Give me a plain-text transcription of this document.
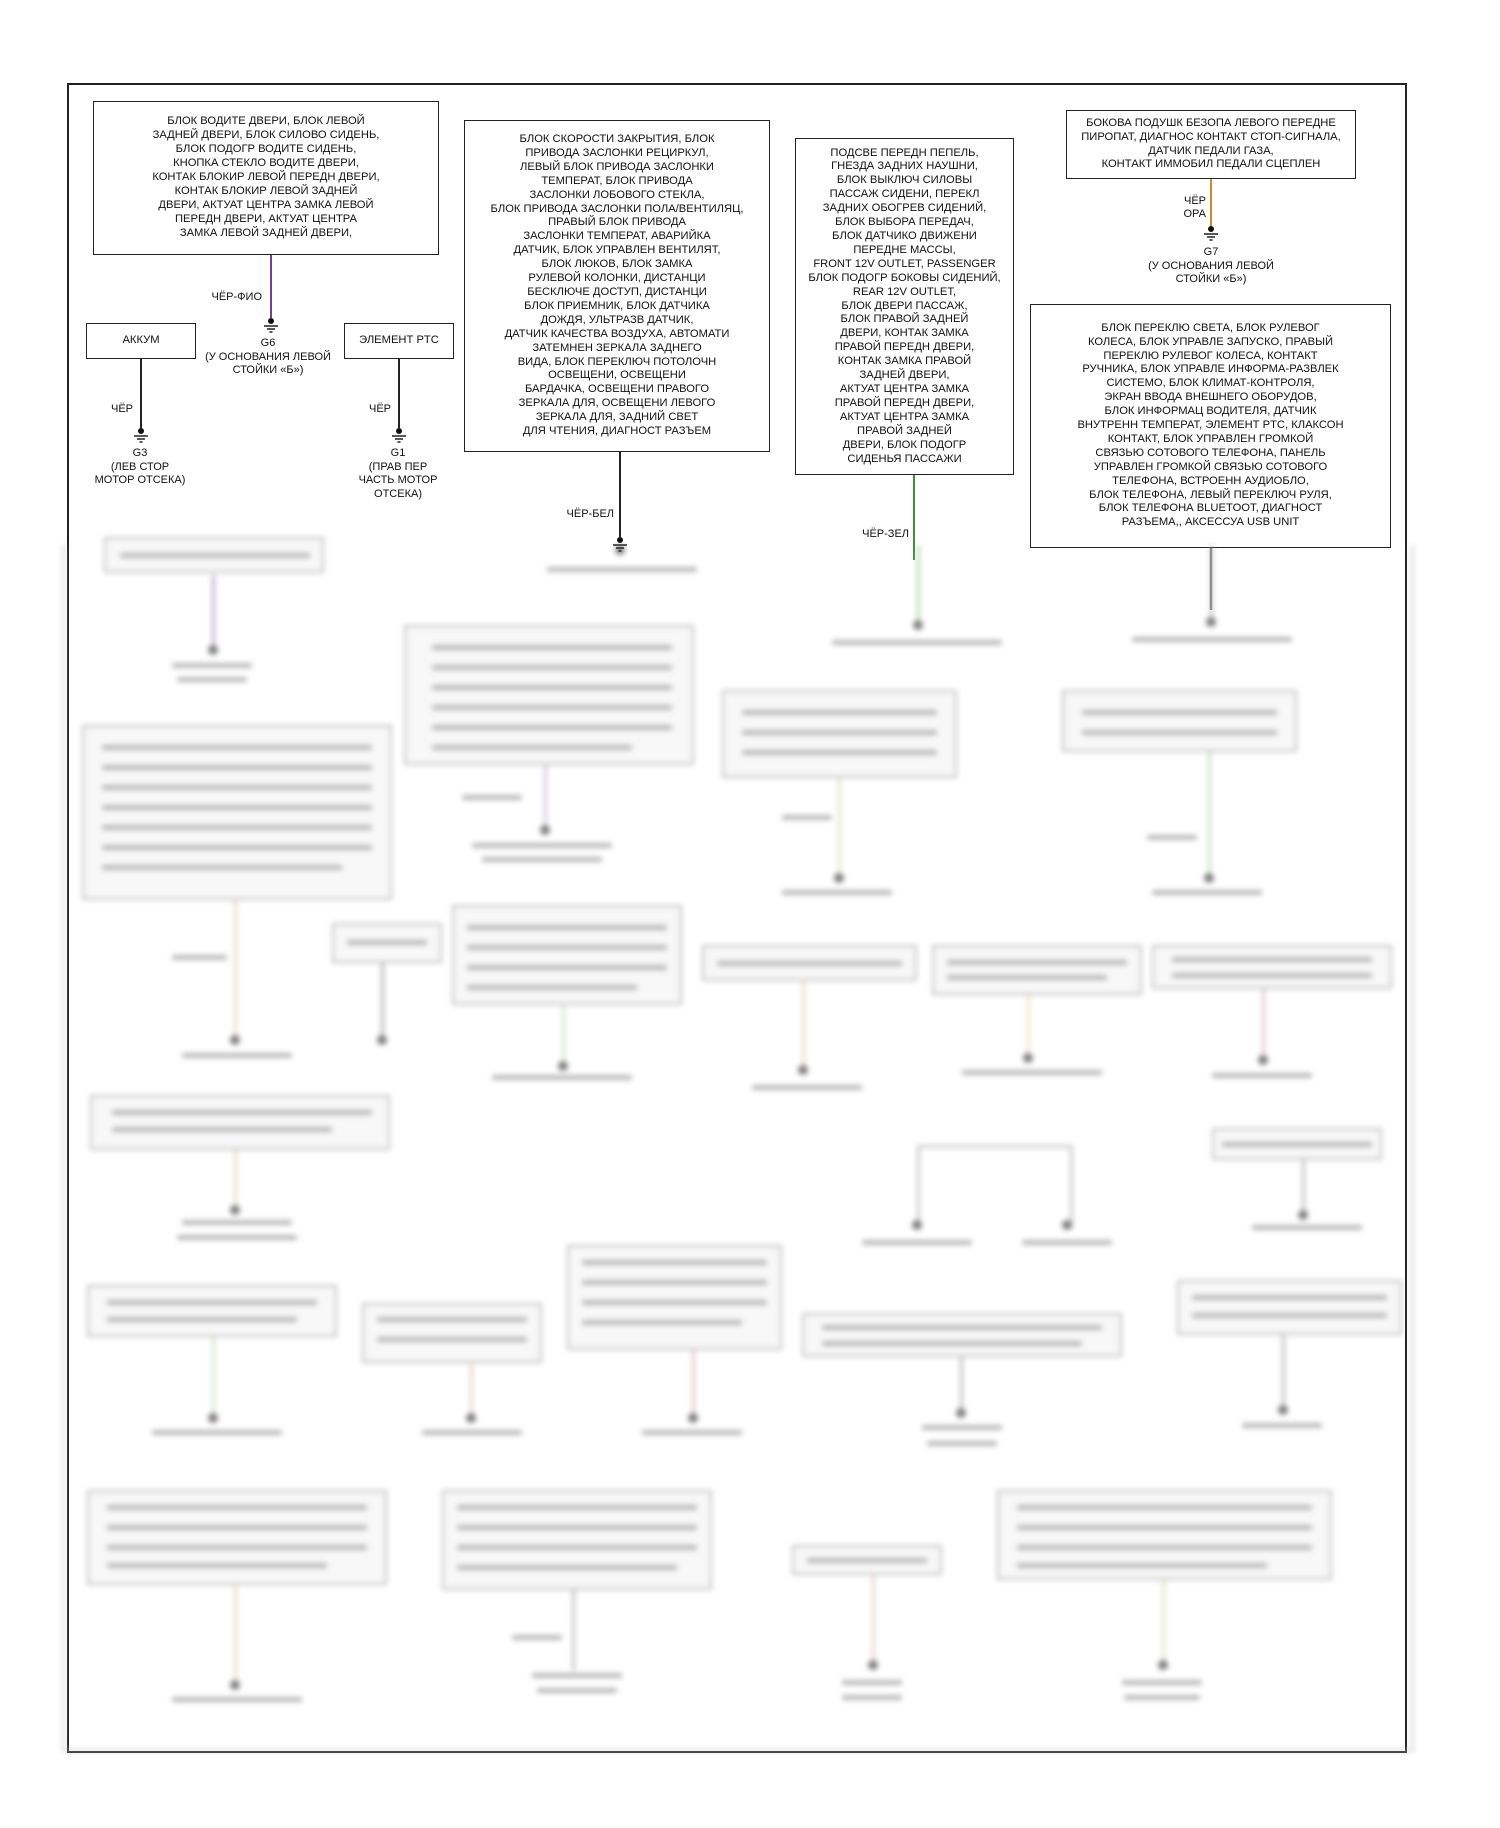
БЛОК ВОДИТЕ ДВЕРИ, БЛОК ЛЕВОЙ
ЗАДНЕЙ ДВЕРИ, БЛОК СИЛОВО СИДЕНЬ,
БЛОК ПОДОГР ВОДИТЕ СИДЕНЬ,
КНОПКА СТЕКЛО ВОДИТЕ ДВЕРИ,
КОНТАК БЛОКИР ЛЕВОЙ ПЕРЕДН ДВЕРИ,
КОНТАК БЛОКИР ЛЕВОЙ ЗАДНЕЙ
ДВЕРИ, АКТУАТ ЦЕНТРА ЗАМКА ЛЕВОЙ
ПЕРЕДН ДВЕРИ, АКТУАТ ЦЕНТРА
ЗАМКА ЛЕВОЙ ЗАДНЕЙ ДВЕРИ,
АККУМ	ЭЛЕМЕНТ PTC
БЛОК СКОРОСТИ ЗАКРЫТИЯ, БЛОК
ПРИВОДА ЗАСЛОНКИ РЕЦИРКУЛ,
ЛЕВЫЙ БЛОК ПРИВОДА ЗАСЛОНКИ
ТЕМПЕРАТ, БЛОК ПРИВОДА
ЗАСЛОНКИ ЛОБОВОГО СТЕКЛА,
БЛОК ПРИВОДА ЗАСЛОНКИ ПОЛА/ВЕНТИЛЯЦ,
ПРАВЫЙ БЛОК ПРИВОДА
ЗАСЛОНКИ ТЕМПЕРАТ, АВАРИЙКА
ДАТЧИК, БЛОК УПРАВЛЕН ВЕНТИЛЯТ,
БЛОК ЛЮКОВ, БЛОК ЗАМКА
РУЛЕВОЙ КОЛОНКИ, ДИСТАНЦИ
БЕСКЛЮЧЕ ДОСТУП, ДИСТАНЦИ
БЛОК ПРИЕМНИК, БЛОК ДАТЧИКА
ДОЖДЯ, УЛЬТРАЗВ ДАТЧИК,
ДАТЧИК КАЧЕСТВА ВОЗДУХА, АВТОМАТИ
ЗАТЕМНЕН ЗЕРКАЛА ЗАДНЕГО
ВИДА, БЛОК ПЕРЕКЛЮЧ ПОТОЛОЧН
ОСВЕЩЕНИ, ОСВЕЩЕНИ
БАРДАЧКА, ОСВЕЩЕНИ ПРАВОГО
ЗЕРКАЛА ДЛЯ, ОСВЕЩЕНИ ЛЕВОГО
ЗЕРКАЛА ДЛЯ, ЗАДНИЙ СВЕТ
ДЛЯ ЧТЕНИЯ, ДИАГНОСТ РАЗЪЕМ
ПОДСВЕ ПЕРЕДН ПЕПЕЛЬ,
ГНЕЗДА ЗАДНИХ НАУШНИ,
БЛОК ВЫКЛЮЧ СИЛОВЫ
ПАССАЖ СИДЕНИ, ПЕРЕКЛ
ЗАДНИХ ОБОГРЕВ СИДЕНИЙ,
БЛОК ВЫБОРА ПЕРЕДАЧ,
БЛОК ДАТЧИКО ДВИЖЕНИ
ПЕРЕДНЕ МАССЫ,
FRONT 12V OUTLET, PASSENGER
БЛОК ПОДОГР БОКОВЫ СИДЕНИЙ,
REAR 12V OUTLET,
БЛОК ДВЕРИ ПАССАЖ,
БЛОК ПРАВОЙ ЗАДНЕЙ
ДВЕРИ, КОНТАК ЗАМКА
ПРАВОЙ ПЕРЕДН ДВЕРИ,
КОНТАК ЗАМКА ПРАВОЙ
ЗАДНЕЙ ДВЕРИ,
АКТУАТ ЦЕНТРА ЗАМКА
ПРАВОЙ ПЕРЕДН ДВЕРИ,
АКТУАТ ЦЕНТРА ЗАМКА
ПРАВОЙ ЗАДНЕЙ
ДВЕРИ, БЛОК ПОДОГР
СИДЕНЬЯ ПАССАЖИ
БОКОВА ПОДУШК БЕЗОПА ЛЕВОГО ПЕРЕДНЕ
ПИРОПАТ, ДИАГНОС КОНТАКТ СТОП-СИГНАЛА,
ДАТЧИК ПЕДАЛИ ГАЗА,
КОНТАКТ ИММОБИЛ ПЕДАЛИ СЦЕПЛЕН
БЛОК ПЕРЕКЛЮ СВЕТА, БЛОК РУЛЕВОГ
КОЛЕСА, БЛОК УПРАВЛЕ ЗАПУСКО, ПРАВЫЙ
ПЕРЕКЛЮ РУЛЕВОГ КОЛЕСА, КОНТАКТ
РУЧНИКА, БЛОК УПРАВЛЕ ИНФОРМА-РАЗВЛЕК
СИСТЕМО, БЛОК КЛИМАТ-КОНТРОЛЯ,
ЭКРАН ВВОДА ВНЕШНЕГО ОБОРУДОВ,
БЛОК ИНФОРМАЦ ВОДИТЕЛЯ, ДАТЧИК
ВНУТРЕНН ТЕМПЕРАТ, ЭЛЕМЕНТ PTC, КЛАКСОН
КОНТАКТ, БЛОК УПРАВЛЕН ГРОМКОЙ
СВЯЗЬЮ СОТОВОГО ТЕЛЕФОНА, ПАНЕЛЬ
УПРАВЛЕН ГРОМКОЙ СВЯЗЬЮ СОТОВОГО
ТЕЛЕФОНА, ВСТРОЕНН АУДИОБЛО,
БЛОК ТЕЛЕФОНА, ЛЕВЫЙ ПЕРЕКЛЮЧ РУЛЯ,
БЛОК ТЕЛЕФОНА BLUETOOT, ДИАГНОСТ
РАЗЪЕМА,, АКСЕССУА USB UNIT
ЧЁР-ФИО
ЧЁР	ЧЁР
ЧЁР-БЕЛ
ЧЁР-ЗЕЛ
ЧЁР
ОРА
G6
(У ОСНОВАНИЯ ЛЕВОЙ
СТОЙКИ «Б»)
G3
(ЛЕВ СТОР
МОТОР ОТСЕКА)
G1
(ПРАВ ПЕР
ЧАСТЬ МОТОР
ОТСЕКА)
G7
(У ОСНОВАНИЯ ЛЕВОЙ
СТОЙКИ «Б»)
